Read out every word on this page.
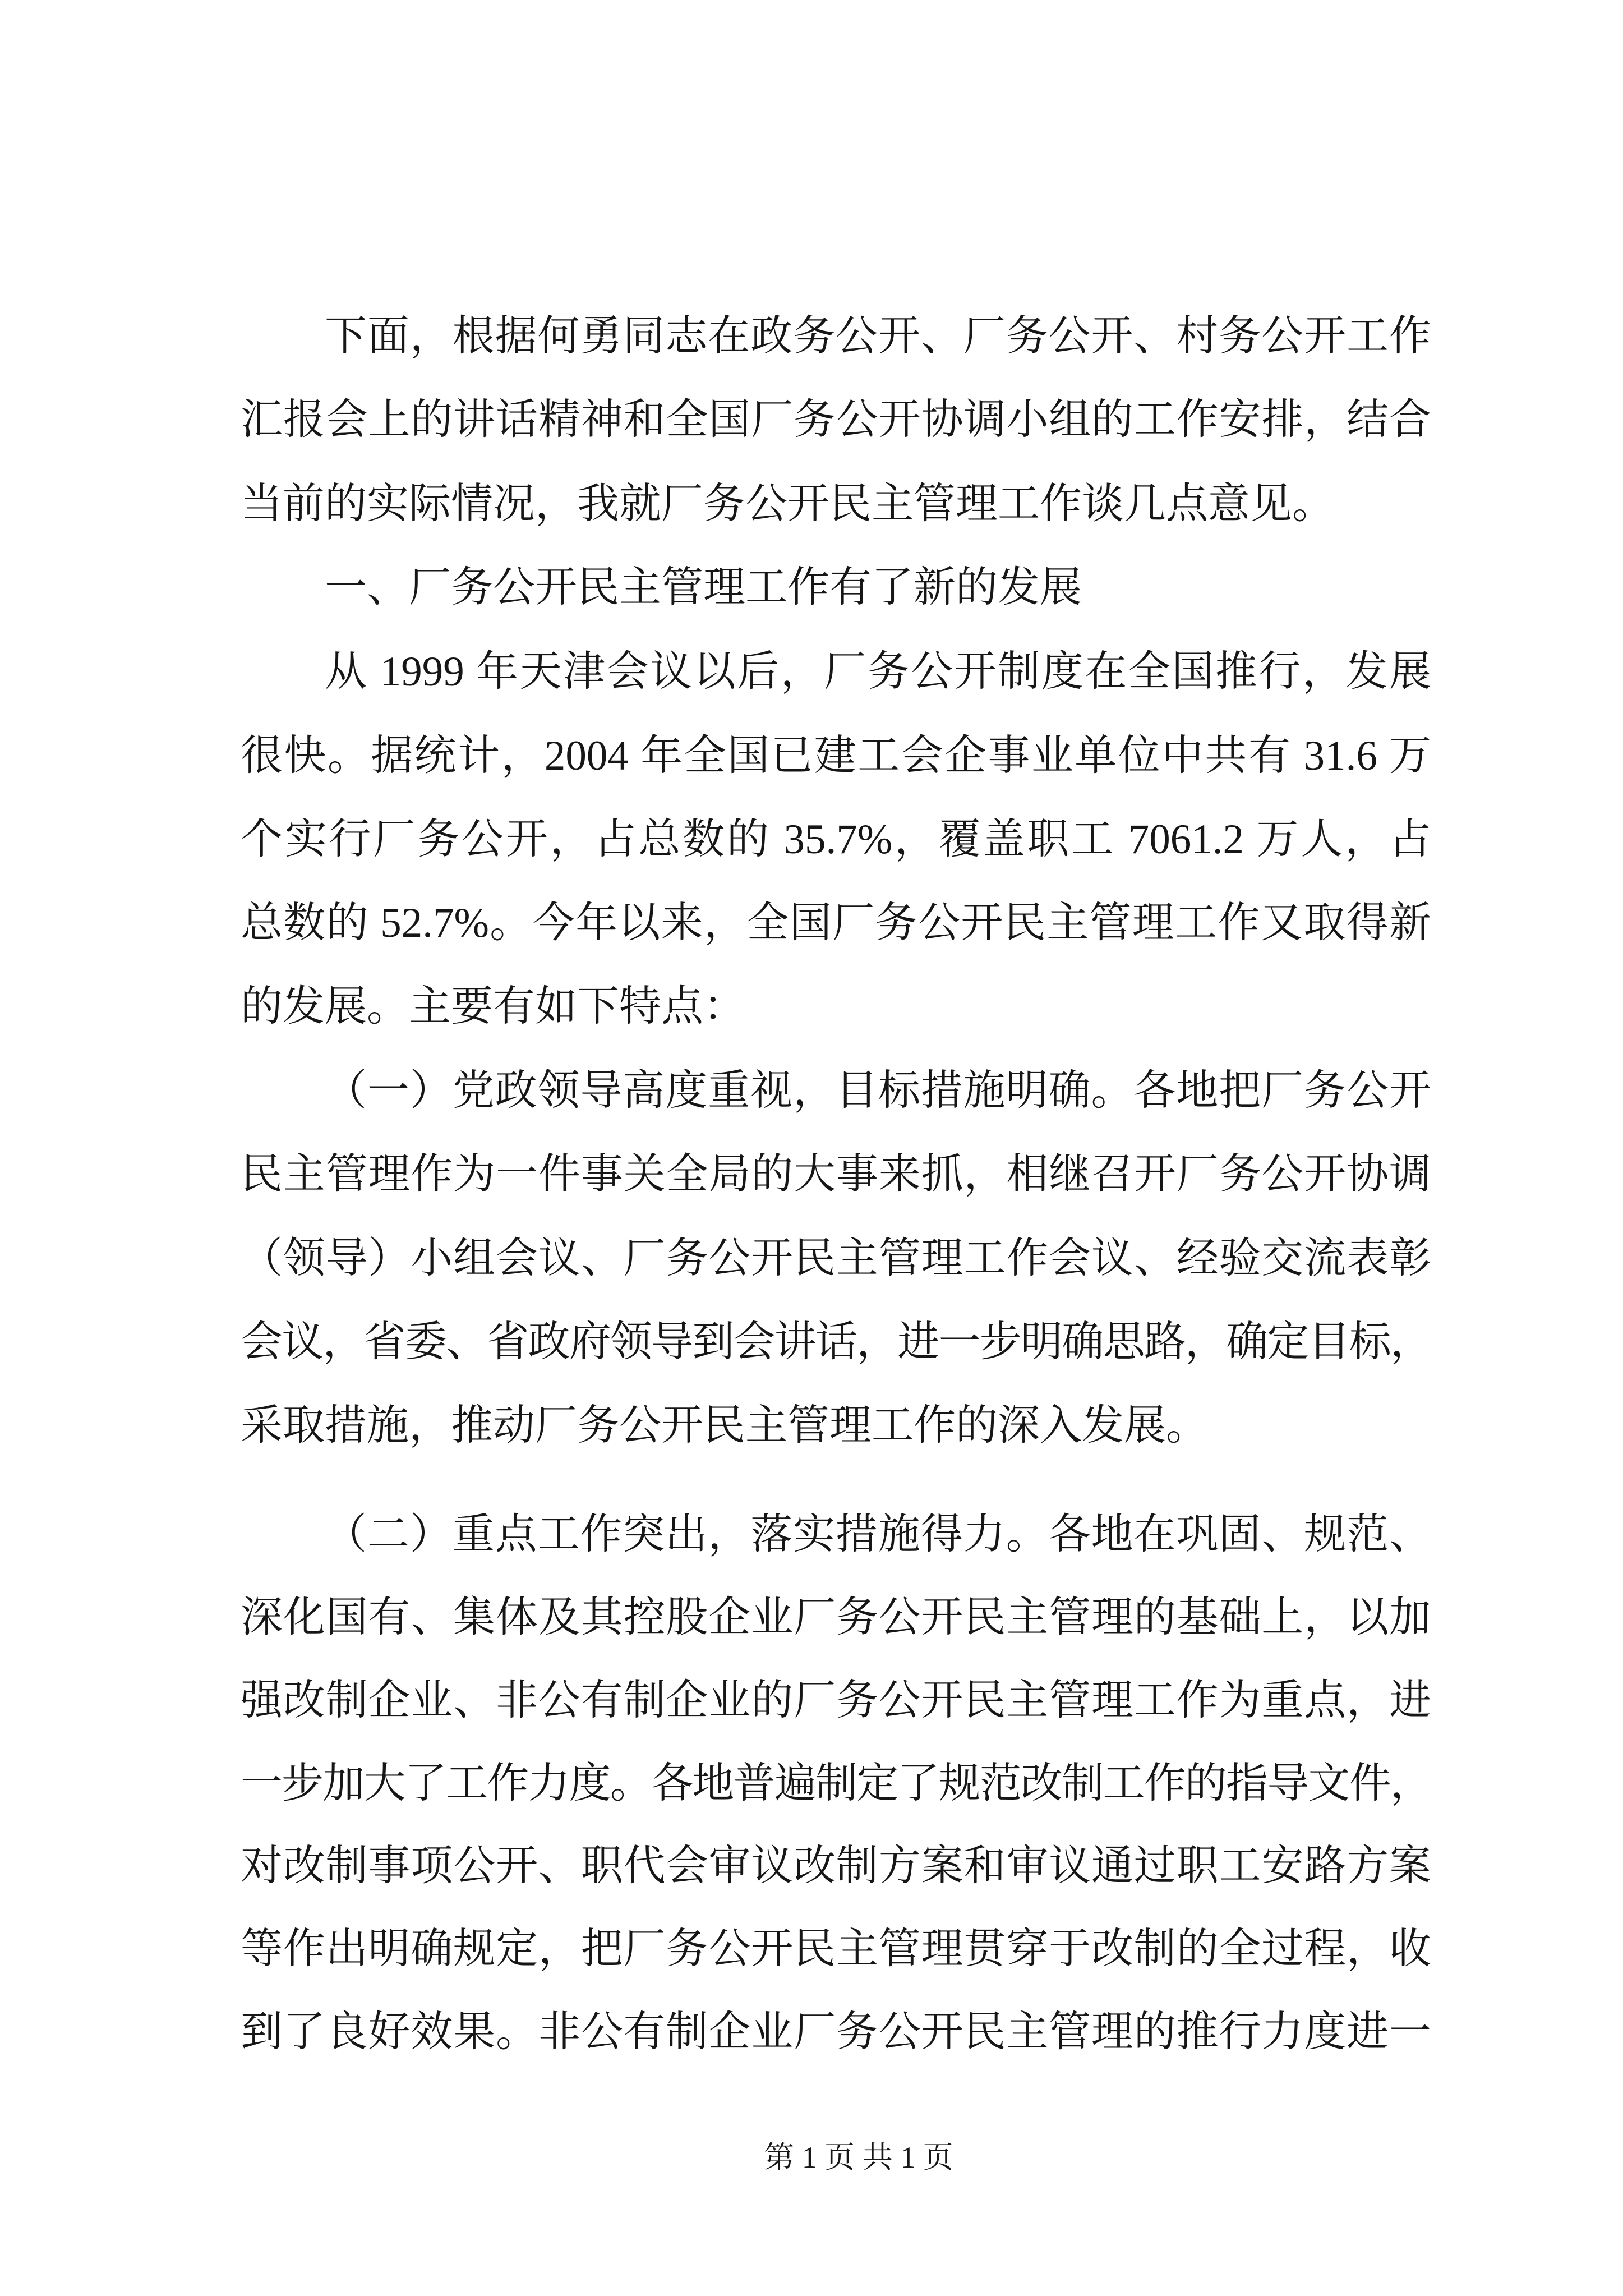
下面，根据何勇同志在政务公开、厂务公开、村务公开工作
汇报会上的讲话精神和全国厂务公开协调小组的工作安排，结合
当前的实际情况，我就厂务公开民主管理工作谈几点意见。
一、厂务公开民主管理工作有了新的发展
从 1999 年天津会议以后，厂务公开制度在全国推行，发展
很快。据统计，2004 年全国已建工会企事业单位中共有 31.6 万
个实行厂务公开，占总数的 35.7%，覆盖职工 7061.2 万人，占
总数的 52.7%。今年以来，全国厂务公开民主管理工作又取得新
的发展。主要有如下特点：
（一）党政领导高度重视，目标措施明确。各地把厂务公开
民主管理作为一件事关全局的大事来抓，相继召开厂务公开协调
（领导）小组会议、厂务公开民主管理工作会议、经验交流表彰
会议，省委、省政府领导到会讲话，进一步明确思路，确定目标，
采取措施，推动厂务公开民主管理工作的深入发展。
（二）重点工作突出，落实措施得力。各地在巩固、规范、
深化国有、集体及其控股企业厂务公开民主管理的基础上，以加
强改制企业、非公有制企业的厂务公开民主管理工作为重点，进
一步加大了工作力度。各地普遍制定了规范改制工作的指导文件，
对改制事项公开、职代会审议改制方案和审议通过职工安路方案
等作出明确规定，把厂务公开民主管理贯穿于改制的全过程，收
到了良好效果。非公有制企业厂务公开民主管理的推行力度进一
第 1 页 共 1 页
